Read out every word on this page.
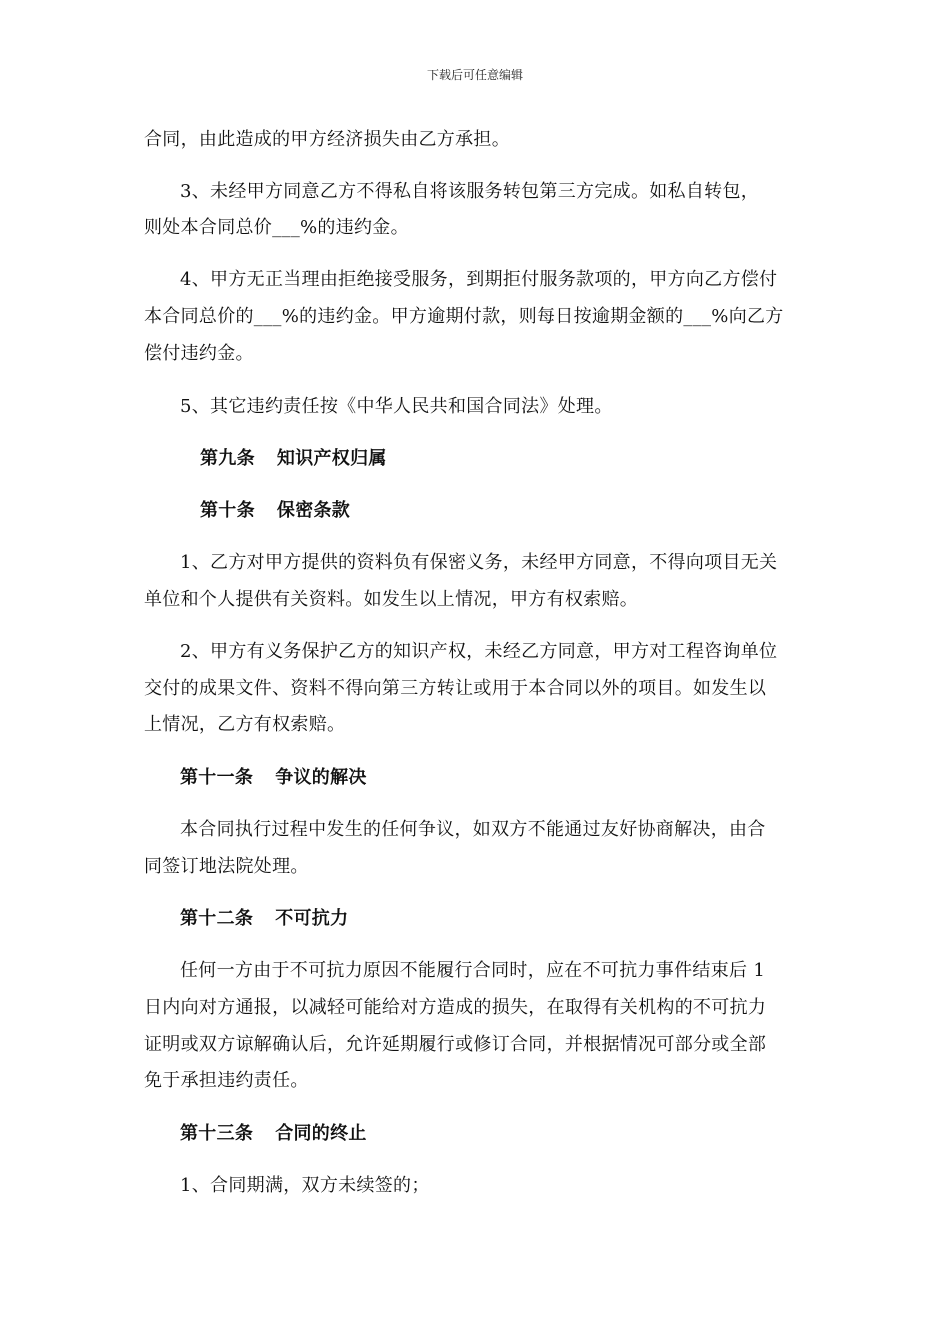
下载后可任意编辑
合同，由此造成的甲方经济损失由乙方承担。
3、未经甲方同意乙方不得私自将该服务转包第三方完成。如私自转包，
则处本合同总价___%的违约金。
4、甲方无正当理由拒绝接受服务，到期拒付服务款项的，甲方向乙方偿付
本合同总价的___%的违约金。甲方逾期付款，则每日按逾期金额的___%向乙方
偿付违约金。
5、其它违约责任按《中华人民共和国合同法》处理。
第九条 知识产权归属
第十条 保密条款
1、乙方对甲方提供的资料负有保密义务，未经甲方同意，不得向项目无关
单位和个人提供有关资料。如发生以上情况，甲方有权索赔。
2、甲方有义务保护乙方的知识产权，未经乙方同意，甲方对工程咨询单位
交付的成果文件、资料不得向第三方转让或用于本合同以外的项目。如发生以
上情况，乙方有权索赔。
第十一条 争议的解决
本合同执行过程中发生的任何争议，如双方不能通过友好协商解决，由合
同签订地法院处理。
第十二条 不可抗力
任何一方由于不可抗力原因不能履行合同时，应在不可抗力事件结束后 1
日内向对方通报，以减轻可能给对方造成的损失，在取得有关机构的不可抗力
证明或双方谅解确认后，允许延期履行或修订合同，并根据情况可部分或全部
免于承担违约责任。
第十三条 合同的终止
1、合同期满，双方未续签的；
